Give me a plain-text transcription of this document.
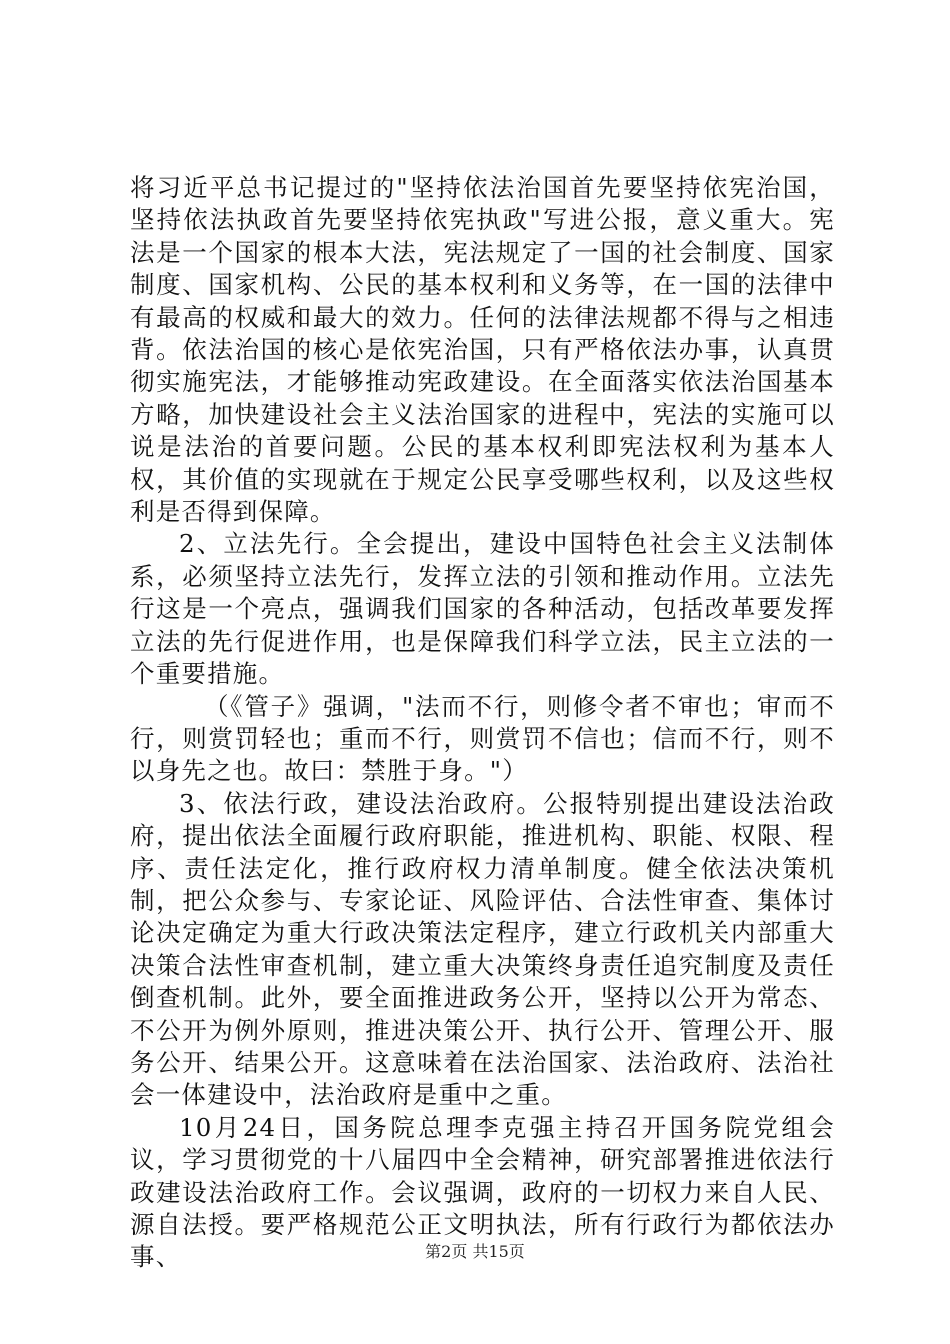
将习近平总书记提过的"坚持依法治国首先要坚持依宪治国，坚持依法执政首先要坚持依宪执政"写进公报，意义重大。宪法是一个国家的根本大法，宪法规定了一国的社会制度、国家制度、国家机构、公民的基本权利和义务等，在一国的法律中有最高的权威和最大的效力。任何的法律法规都不得与之相违背。依法治国的核心是依宪治国，只有严格依法办事，认真贯彻实施宪法，才能够推动宪政建设。在全面落实依法治国基本方略，加快建设社会主义法治国家的进程中，宪法的实施可以说是法治的首要问题。公民的基本权利即宪法权利为基本人权，其价值的实现就在于规定公民享受哪些权利，以及这些权利是否得到保障。

2、立法先行。全会提出，建设中国特色社会主义法制体系，必须坚持立法先行，发挥立法的引领和推动作用。立法先行这是一个亮点，强调我们国家的各种活动，包括改革要发挥立法的先行促进作用，也是保障我们科学立法，民主立法的一个重要措施。

（《管子》强调，"法而不行，则修令者不审也；审而不行，则赏罚轻也；重而不行，则赏罚不信也；信而不行，则不以身先之也。故曰：禁胜于身。"）

3、依法行政，建设法治政府。公报特别提出建设法治政府，提出依法全面履行政府职能，推进机构、职能、权限、程序、责任法定化，推行政府权力清单制度。健全依法决策机制，把公众参与、专家论证、风险评估、合法性审查、集体讨论决定确定为重大行政决策法定程序，建立行政机关内部重大决策合法性审查机制，建立重大决策终身责任追究制度及责任倒查机制。此外，要全面推进政务公开，坚持以公开为常态、不公开为例外原则，推进决策公开、执行公开、管理公开、服务公开、结果公开。这意味着在法治国家、法治政府、法治社会一体建设中，法治政府是重中之重。

10月24日，国务院总理李克强主持召开国务院党组会议，学习贯彻党的十八届四中全会精神，研究部署推进依法行政建设法治政府工作。会议强调，政府的一切权力来自人民、源自法授。要严格规范公正文明执法，所有行政行为都依法办事、	第2页 共15页
